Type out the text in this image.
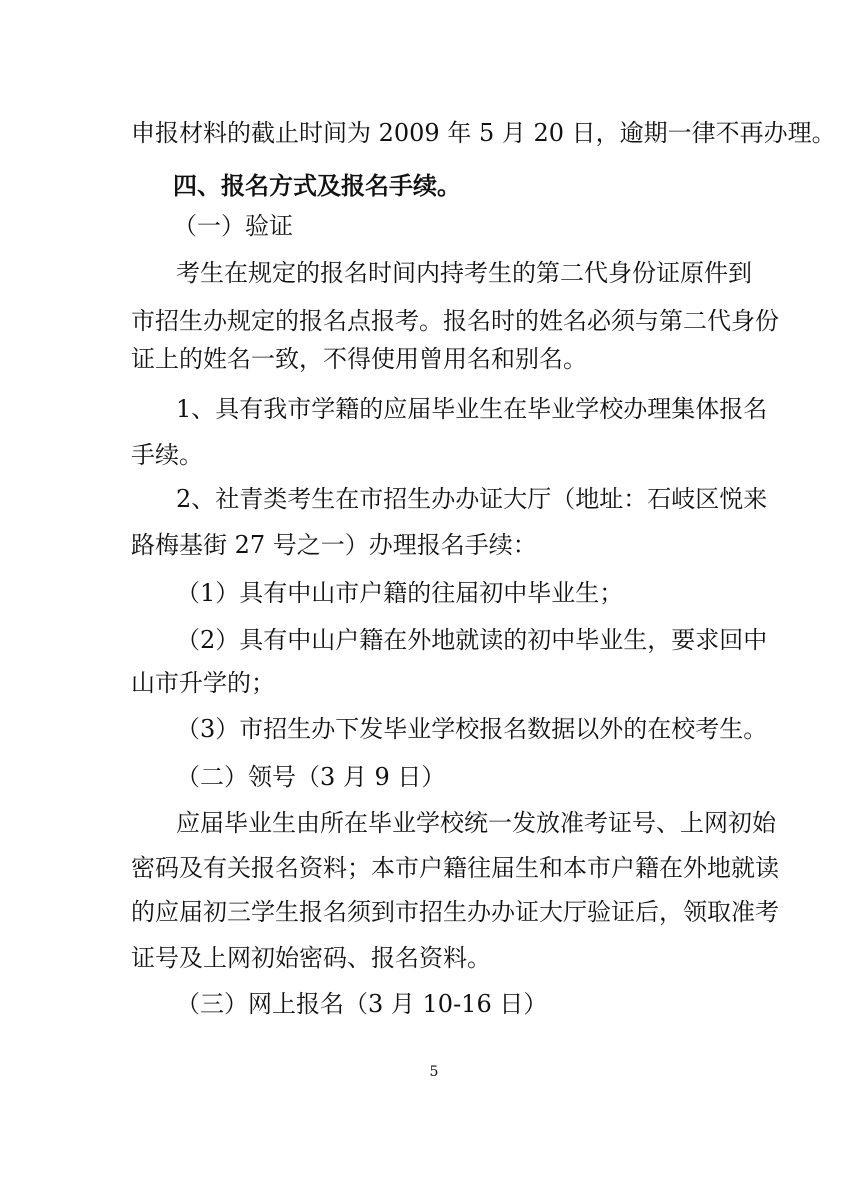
申报材料的截止时间为 2009 年 5 月 20 日，逾期一律不再办理。
四、报名方式及报名手续。
（一）验证
考生在规定的报名时间内持考生的第二代身份证原件到
市招生办规定的报名点报考。报名时的姓名必须与第二代身份
证上的姓名一致，不得使用曾用名和别名。
1、具有我市学籍的应届毕业生在毕业学校办理集体报名
手续。
2、社青类考生在市招生办办证大厅（地址：石岐区悦来
路梅基街 27 号之一）办理报名手续：
（1）具有中山市户籍的往届初中毕业生；
（2）具有中山户籍在外地就读的初中毕业生，要求回中
山市升学的；
（3）市招生办下发毕业学校报名数据以外的在校考生。
（二）领号（3 月 9 日）
应届毕业生由所在毕业学校统一发放准考证号、上网初始
密码及有关报名资料；本市户籍往届生和本市户籍在外地就读
的应届初三学生报名须到市招生办办证大厅验证后，领取准考
证号及上网初始密码、报名资料。
（三）网上报名（3 月 10-16 日）
5
